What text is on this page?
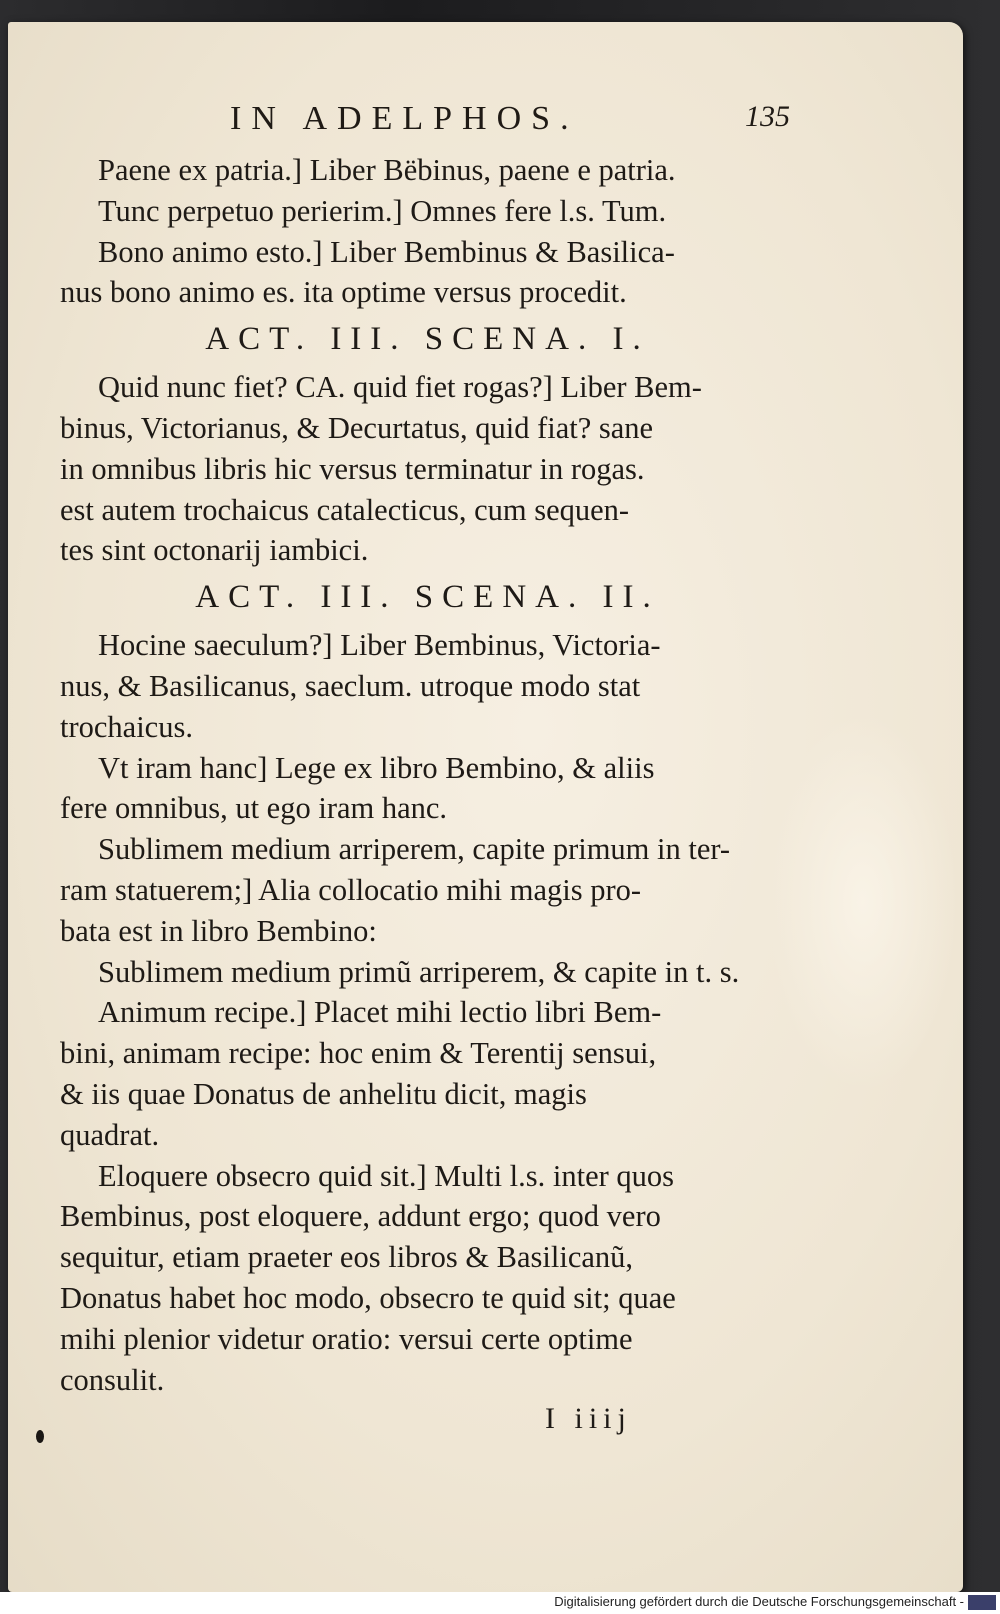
IN ADELPHOS.	135
Paene ex patria.] Liber Bëbinus, paene e patria.
Tunc perpetuo perierim.] Omnes fere l.s. Tum.
Bono animo esto.] Liber Bembinus & Basilica-
nus bono animo es. ita optime versus procedit.
ACT. III. SCENA. I.
Quid nunc fiet? CA. quid fiet rogas?] Liber Bem-
binus, Victorianus, & Decurtatus, quid fiat? sane
in omnibus libris hic versus terminatur in rogas.
est autem trochaicus catalecticus, cum sequen-
tes sint octonarij iambici.
ACT. III. SCENA. II.
Hocine saeculum?] Liber Bembinus, Victoria-
nus, & Basilicanus, saeclum. utroque modo stat
trochaicus.
Vt iram hanc] Lege ex libro Bembino, & aliis
fere omnibus, ut ego iram hanc.
Sublimem medium arriperem, capite primum in ter-
ram statuerem;] Alia collocatio mihi magis pro-
bata est in libro Bembino:
Sublimem medium primũ arriperem, & capite in t. s.
Animum recipe.] Placet mihi lectio libri Bem-
bini, animam recipe: hoc enim & Terentij sensui,
& iis quae Donatus de anhelitu dicit, magis
quadrat.
Eloquere obsecro quid sit.] Multi l.s. inter quos
Bembinus, post eloquere, addunt ergo; quod vero
sequitur, etiam praeter eos libros & Basilicanũ,
Donatus habet hoc modo, obsecro te quid sit; quae
mihi plenior videtur oratio: versui certe optime
consulit.
I iiij
Digitalisierung gefördert durch die Deutsche Forschungsgemeinschaft -
